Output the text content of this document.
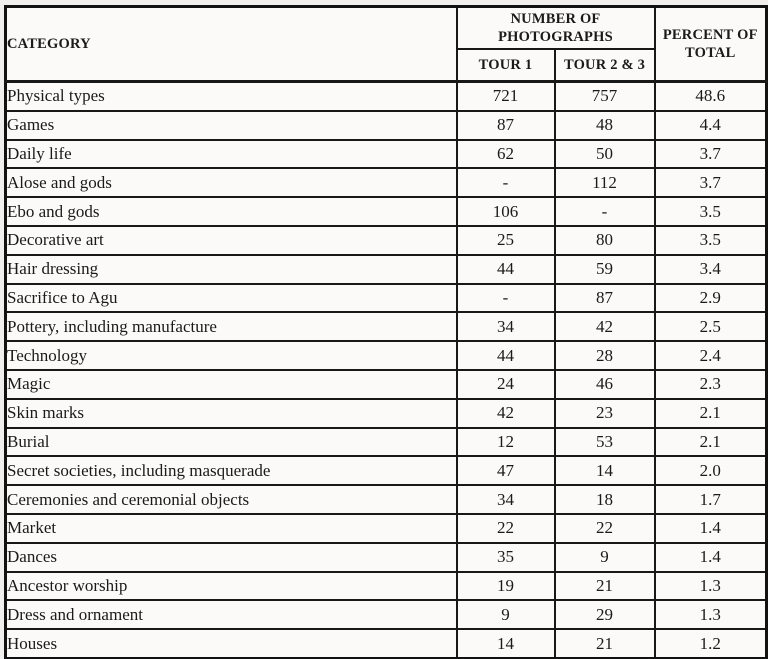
CATEGORY	NUMBER OF PHOTOGRAPHS		PERCENT OF TOTAL
	TOUR 1	TOUR 2 & 3	
Physical types	721	757	48.6
Games	87	48	4.4
Daily life	62	50	3.7
Alose and gods	-	112	3.7
Ebo and gods	106	-	3.5
Decorative art	25	80	3.5
Hair dressing	44	59	3.4
Sacrifice to Agu	-	87	2.9
Pottery, including manufacture	34	42	2.5
Technology	44	28	2.4
Magic	24	46	2.3
Skin marks	42	23	2.1
Burial	12	53	2.1
Secret societies, including masquerade	47	14	2.0
Ceremonies and ceremonial objects	34	18	1.7
Market	22	22	1.4
Dances	35	9	1.4
Ancestor worship	19	21	1.3
Dress and ornament	9	29	1.3
Houses	14	21	1.2
